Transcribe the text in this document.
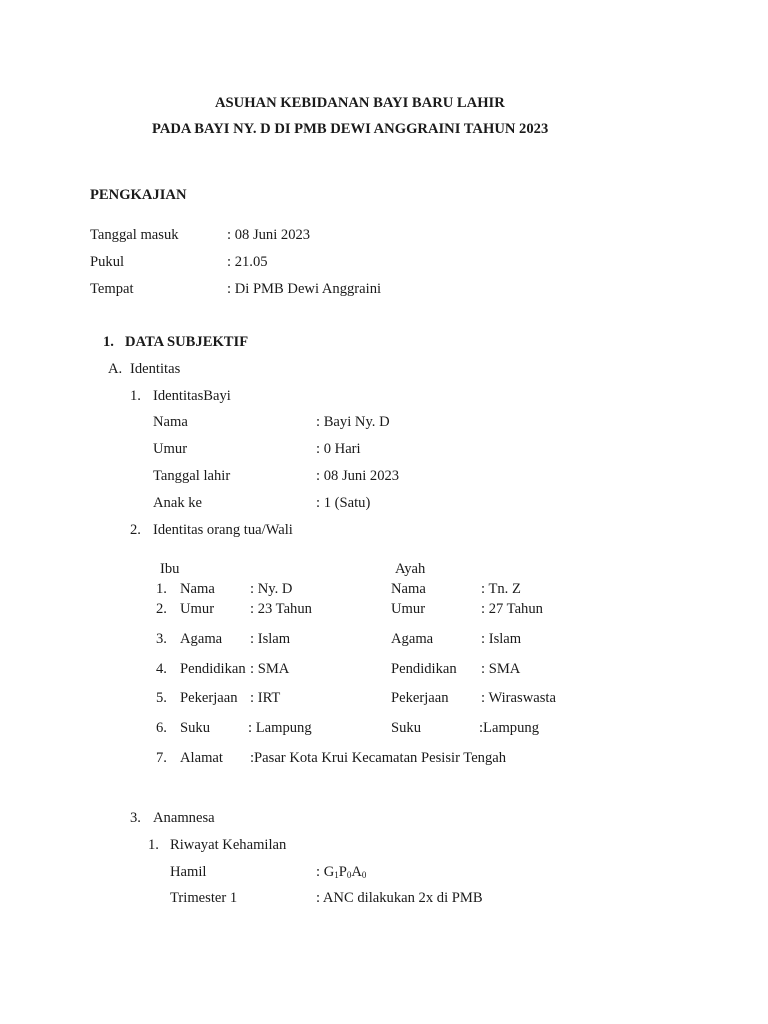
ASUHAN KEBIDANAN BAYI BARU LAHIR
PADA BAYI NY. D DI PMB DEWI ANGGRAINI TAHUN 2023
PENGKAJIAN
Tanggal masuk	: 08 Juni 2023
Pukul	: 21.05
Tempat	: Di PMB Dewi Anggraini
1. DATA SUBJEKTIF
A. Identitas
1. IdentitasBayi
Nama	: Bayi Ny. D
Umur	: 0 Hari
Tanggal lahir	: 08 Juni 2023
Anak ke	: 1 (Satu)
2. Identitas orang tua/Wali
Ibu	Ayah
1. Nama : Ny. D	Nama	: Tn. Z
2. Umur : 23 Tahun	Umur	: 27 Tahun
3. Agama : Islam	Agama	: Islam
4. Pendidikan : SMA	Pendidikan : SMA
5. Pekerjaan : IRT	Pekerjaan : Wiraswasta
6. Suku	: Lampung	Suku	:Lampung
7. Alamat :Pasar Kota Krui Kecamatan Pesisir Tengah
3. Anamnesa
1. Riwayat Kehamilan
Hamil	: $G_1P_0A_0$
Trimester 1	: ANC dilakukan 2x di PMB
